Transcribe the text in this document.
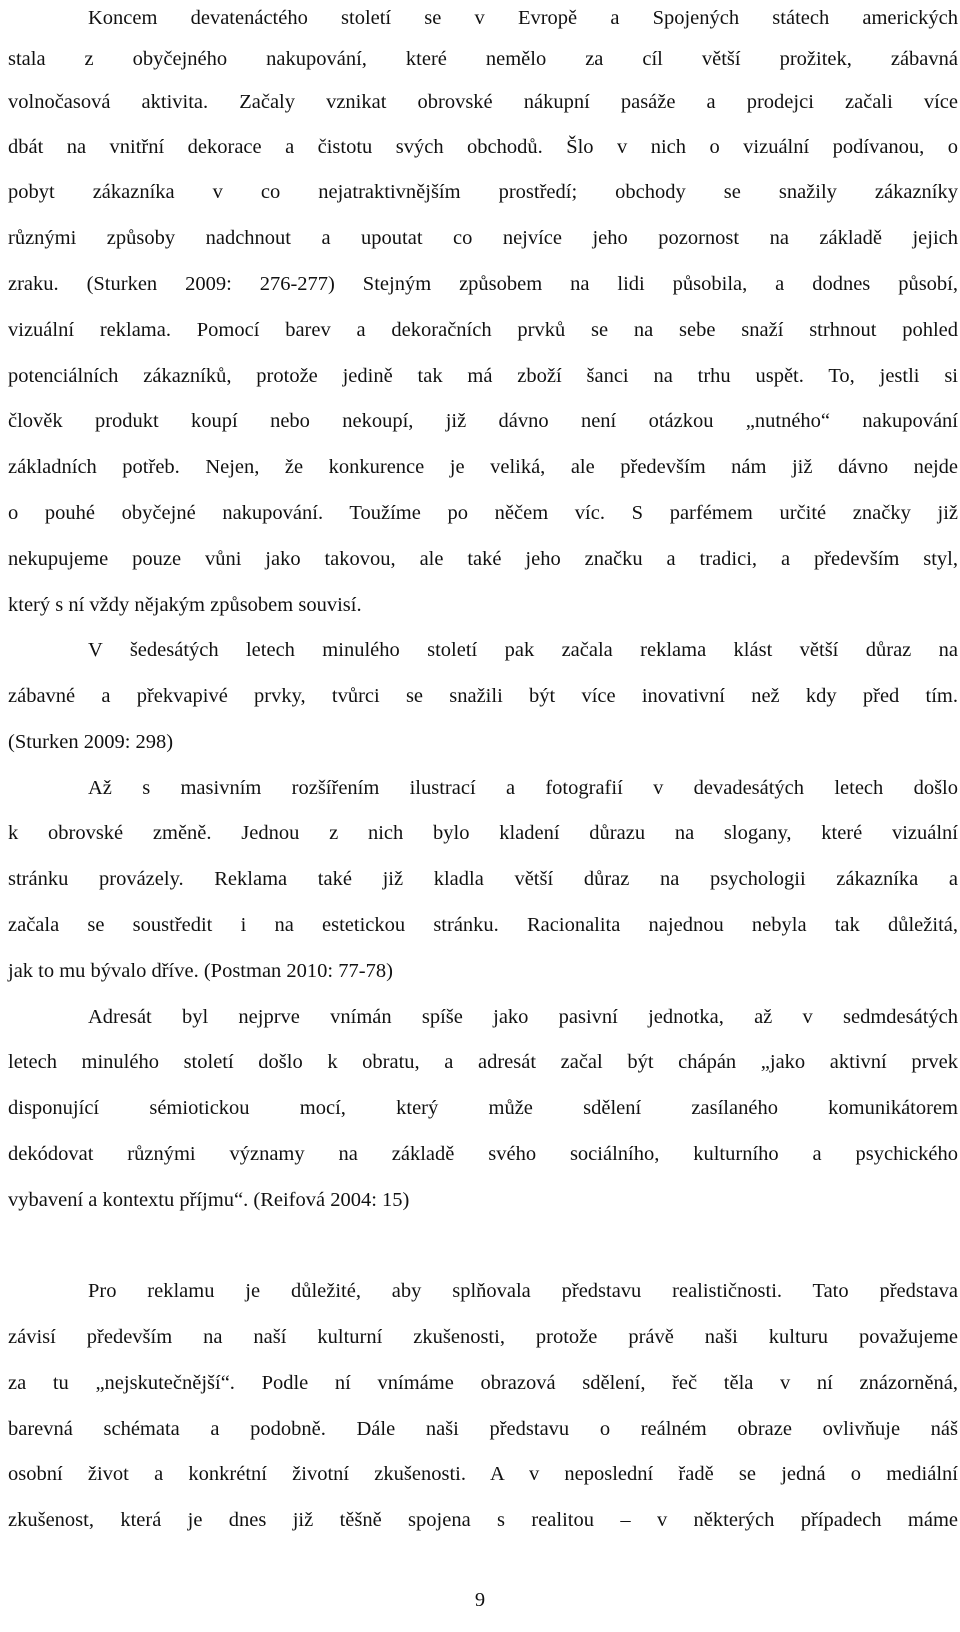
Koncem devatenáctého století se v Evropě a Spojených státech amerických
stala z obyčejného nakupování, které nemělo za cíl větší prožitek, zábavná
volnočasová aktivita. Začaly vznikat obrovské nákupní pasáže a prodejci začali více
dbát na vnitřní dekorace a čistotu svých obchodů. Šlo v nich o vizuální podívanou, o
pobyt zákazníka v co nejatraktivnějším prostředí; obchody se snažily zákazníky
různými způsoby nadchnout a upoutat co nejvíce jeho pozornost na základě jejich
zraku. (Sturken 2009: 276-277) Stejným způsobem na lidi působila, a dodnes působí,
vizuální reklama. Pomocí barev a dekoračních prvků se na sebe snaží strhnout pohled
potenciálních zákazníků, protože jedině tak má zboží šanci na trhu uspět. To, jestli si
člověk produkt koupí nebo nekoupí, již dávno není otázkou „nutného“ nakupování
základních potřeb. Nejen, že konkurence je veliká, ale především nám již dávno nejde
o pouhé obyčejné nakupování. Toužíme po něčem víc. S parfémem určité značky již
nekupujeme pouze vůni jako takovou, ale také jeho značku a tradici, a především styl,
který s ní vždy nějakým způsobem souvisí.
V šedesátých letech minulého století pak začala reklama klást větší důraz na
zábavné a překvapivé prvky, tvůrci se snažili být více inovativní než kdy před tím.
(Sturken 2009: 298)
Až s masivním rozšířením ilustrací a fotografií v devadesátých letech došlo
k obrovské změně. Jednou z nich bylo kladení důrazu na slogany, které vizuální
stránku provázely. Reklama také již kladla větší důraz na psychologii zákazníka a
začala se soustředit i na estetickou stránku. Racionalita najednou nebyla tak důležitá,
jak to mu bývalo dříve. (Postman 2010: 77-78)
Adresát byl nejprve vnímán spíše jako pasivní jednotka, až v sedmdesátých
letech minulého století došlo k obratu, a adresát začal být chápán „jako aktivní prvek
disponující sémiotickou mocí, který může sdělení zasílaného komunikátorem
dekódovat různými významy na základě svého sociálního, kulturního a psychického
vybavení a kontextu příjmu“. (Reifová 2004: 15)
Pro reklamu je důležité, aby splňovala představu realističnosti. Tato představa
závisí především na naší kulturní zkušenosti, protože právě naši kulturu považujeme
za tu „nejskutečnější“. Podle ní vnímáme obrazová sdělení, řeč těla v ní znázorněná,
barevná schémata a podobně. Dále naši představu o reálném obraze ovlivňuje náš
osobní život a konkrétní životní zkušenosti. A v neposlední řadě se jedná o mediální
zkušenost, která je dnes již těšně spojena s realitou – v některých případech máme
9
